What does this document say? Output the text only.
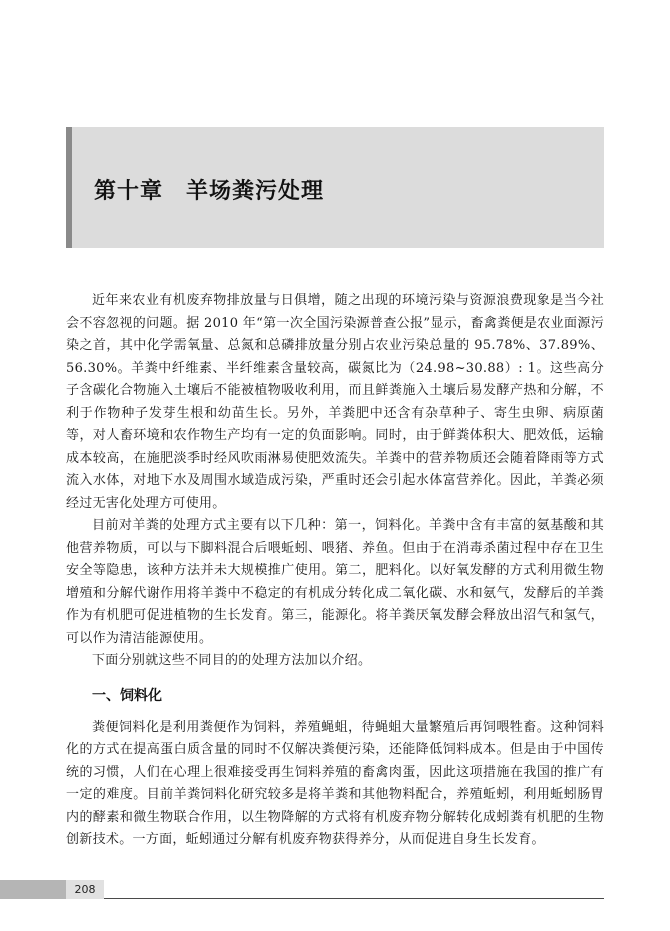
第十章　羊场粪污处理

近年来农业有机废弃物排放量与日俱增，随之出现的环境污染与资源浪费现象是当今社会不容忽视的问题。据 2010 年“第一次全国污染源普查公报”显示，畜禽粪便是农业面源污染之首，其中化学需氧量、总氮和总磷排放量分别占农业污染总量的 95.78%、37.89%、56.30%。羊粪中纤维素、半纤维素含量较高，碳氮比为（24.98~30.88）: 1。这些高分子含碳化合物施入土壤后不能被植物吸收利用，而且鲜粪施入土壤后易发酵产热和分解，不利于作物种子发芽生根和幼苗生长。另外，羊粪肥中还含有杂草种子、寄生虫卵、病原菌等，对人畜环境和农作物生产均有一定的负面影响。同时，由于鲜粪体积大、肥效低，运输成本较高，在施肥淡季时经风吹雨淋易使肥效流失。羊粪中的营养物质还会随着降雨等方式流入水体，对地下水及周围水域造成污染，严重时还会引起水体富营养化。因此，羊粪必须经过无害化处理方可使用。

目前对羊粪的处理方式主要有以下几种：第一，饲料化。羊粪中含有丰富的氨基酸和其他营养物质，可以与下脚料混合后喂蚯蚓、喂猪、养鱼。但由于在消毒杀菌过程中存在卫生安全等隐患，该种方法并未大规模推广使用。第二，肥料化。以好氧发酵的方式利用微生物增殖和分解代谢作用将羊粪中不稳定的有机成分转化成二氧化碳、水和氨气，发酵后的羊粪作为有机肥可促进植物的生长发育。第三，能源化。将羊粪厌氧发酵会释放出沼气和氢气，可以作为清洁能源使用。

下面分别就这些不同目的的处理方法加以介绍。

一、饲料化

粪便饲料化是利用粪便作为饲料，养殖蝇蛆，待蝇蛆大量繁殖后再饲喂牲畜。这种饲料化的方式在提高蛋白质含量的同时不仅解决粪便污染，还能降低饲料成本。但是由于中国传统的习惯，人们在心理上很难接受再生饲料养殖的畜禽肉蛋，因此这项措施在我国的推广有一定的难度。目前羊粪饲料化研究较多是将羊粪和其他物料配合，养殖蚯蚓，利用蚯蚓肠胃内的酵素和微生物联合作用，以生物降解的方式将有机废弃物分解转化成蚓粪有机肥的生物创新技术。一方面，蚯蚓通过分解有机废弃物获得养分，从而促进自身生长发育。

208
